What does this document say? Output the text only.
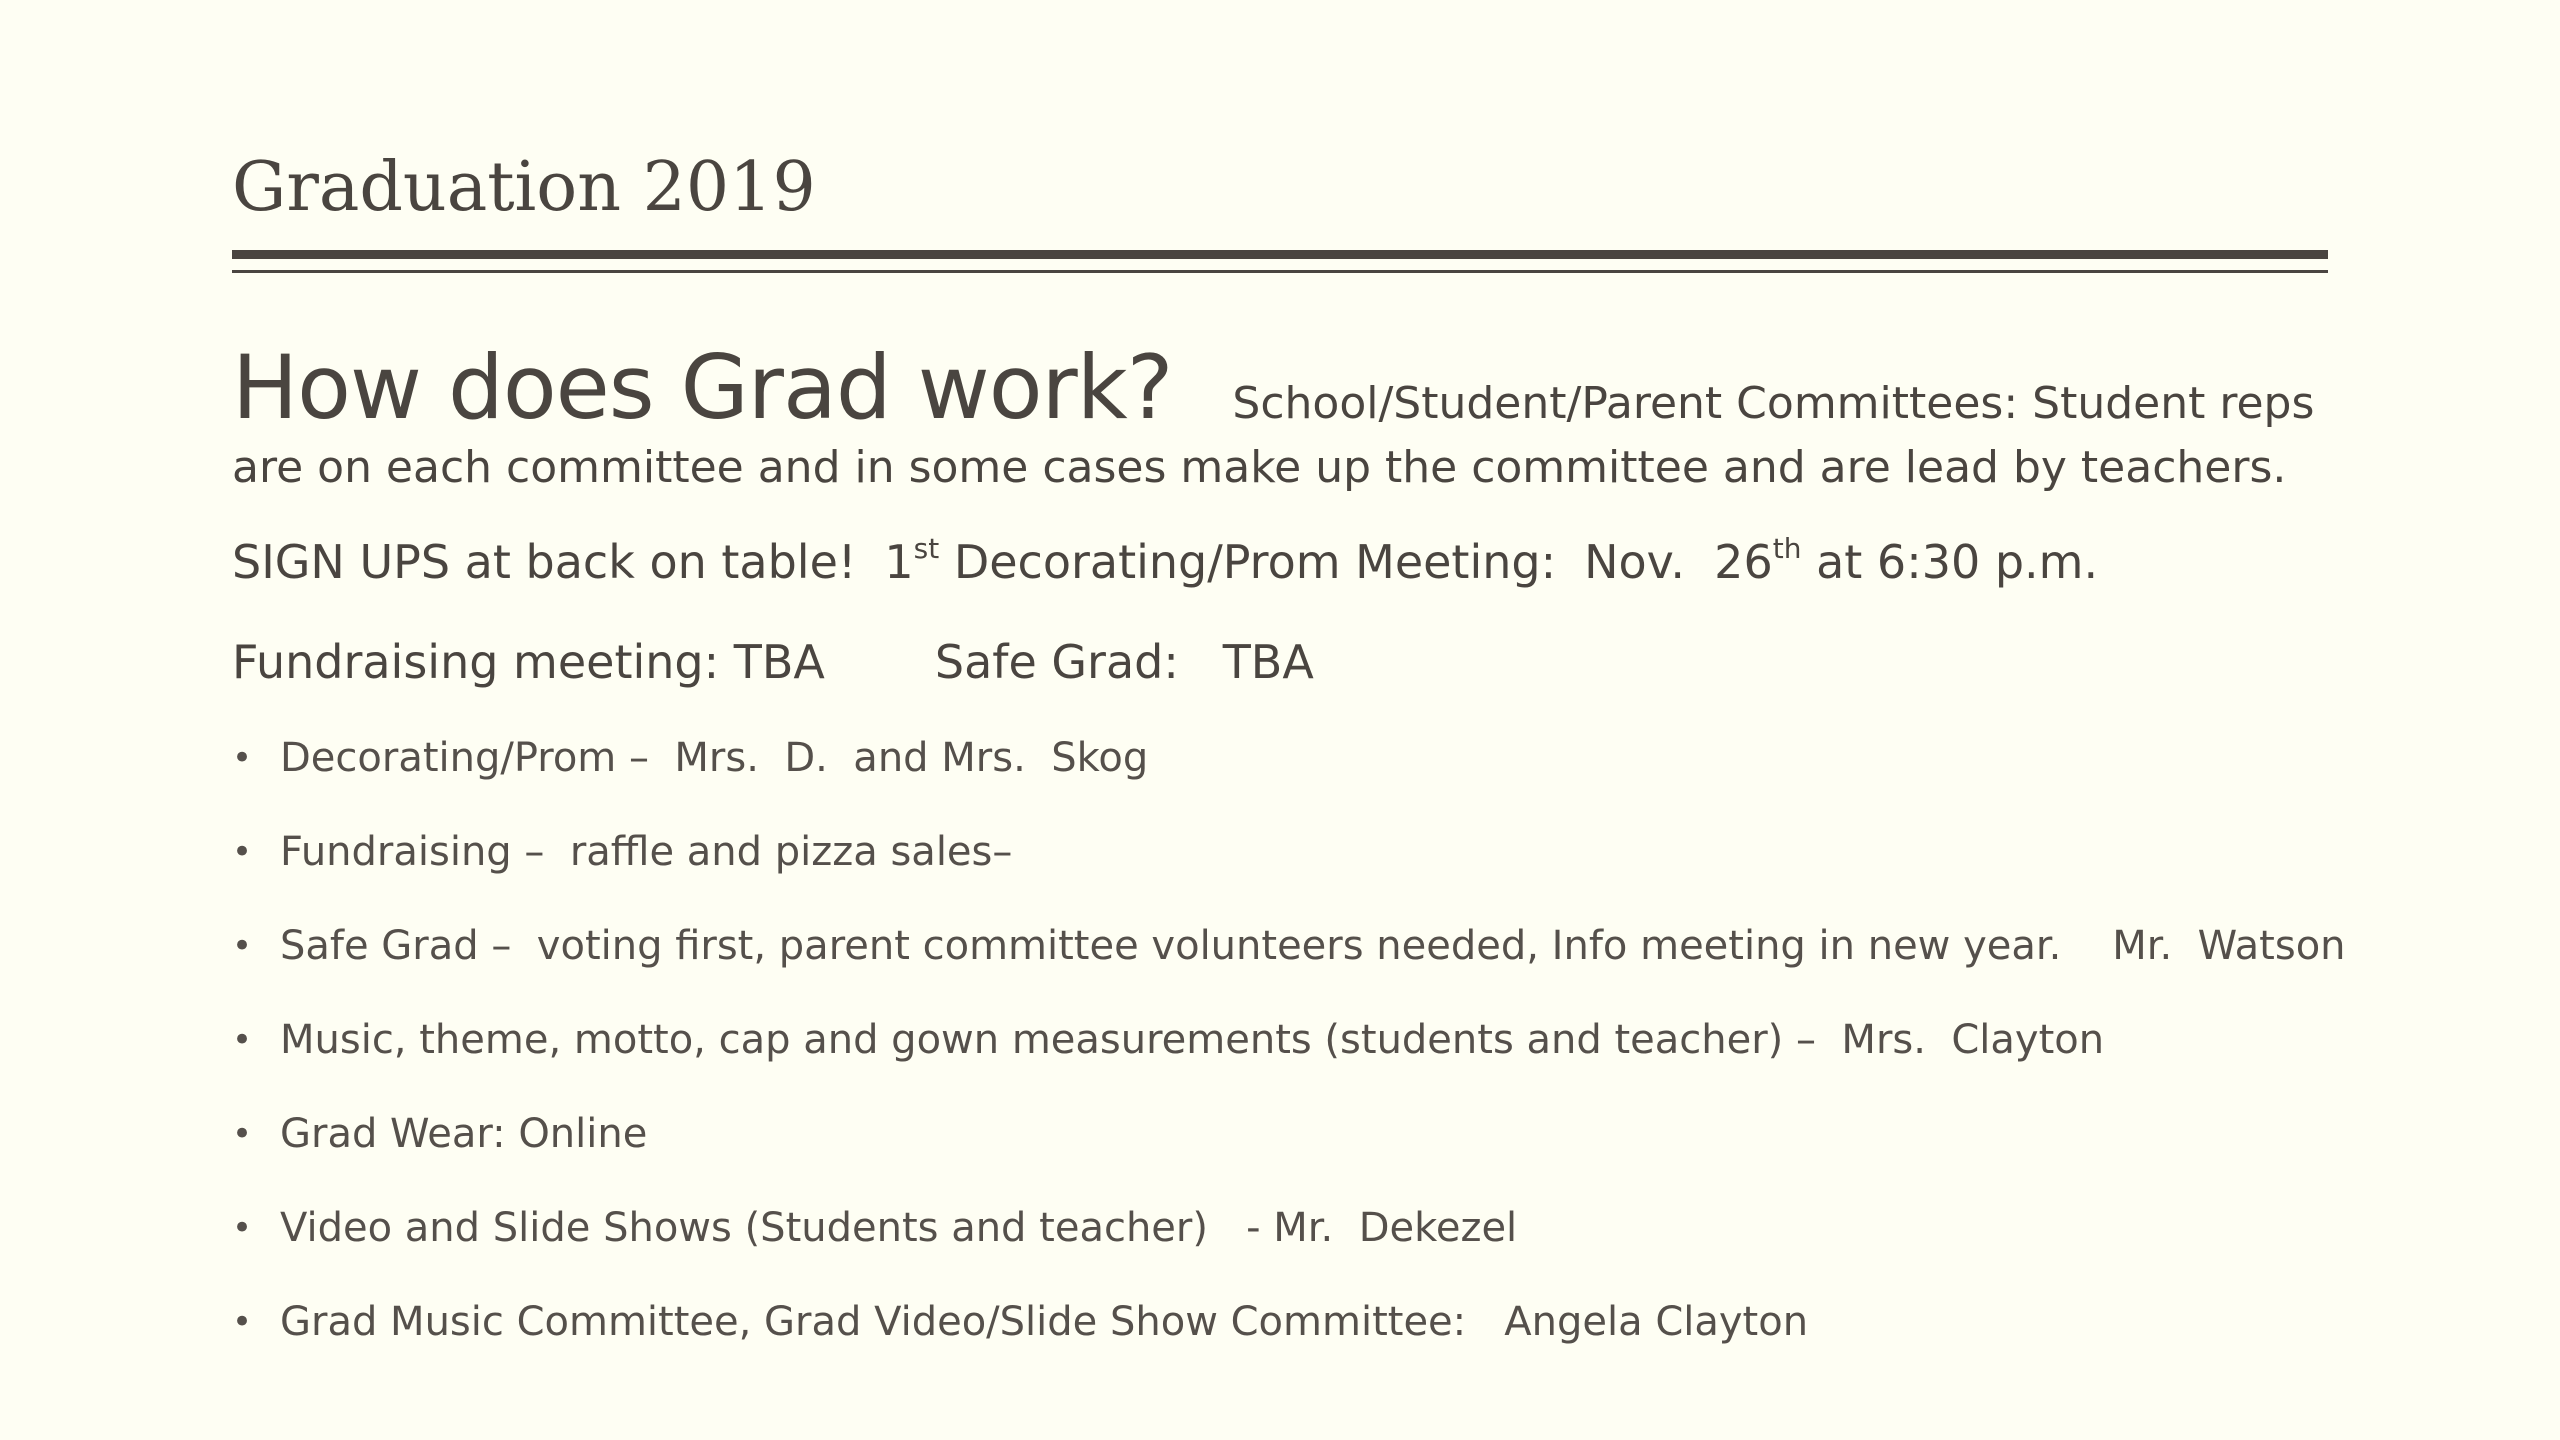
Graduation 2019
How does Grad work? School/Student/Parent Committees: Student reps are on each committee and in some cases make up the committee and are lead by teachers.
SIGN UPS at back on table! 1st Decorating/Prom Meeting: Nov.  26th at 6:30 p.m.
Fundraising meeting: TBA Safe Grad:   TBA
• Decorating/Prom –  Mrs.  D.  and Mrs.  Skog
• Fundraising –  raffle and pizza sales–
• Safe Grad –  voting first, parent committee volunteers needed, Info meeting in new year.    Mr.  Watson
• Music, theme, motto, cap and gown measurements (students and teacher) –  Mrs.  Clayton
• Grad Wear: Online
• Video and Slide Shows (Students and teacher)   - Mr.  Dekezel
• Grad Music Committee, Grad Video/Slide Show Committee:   Angela Clayton
